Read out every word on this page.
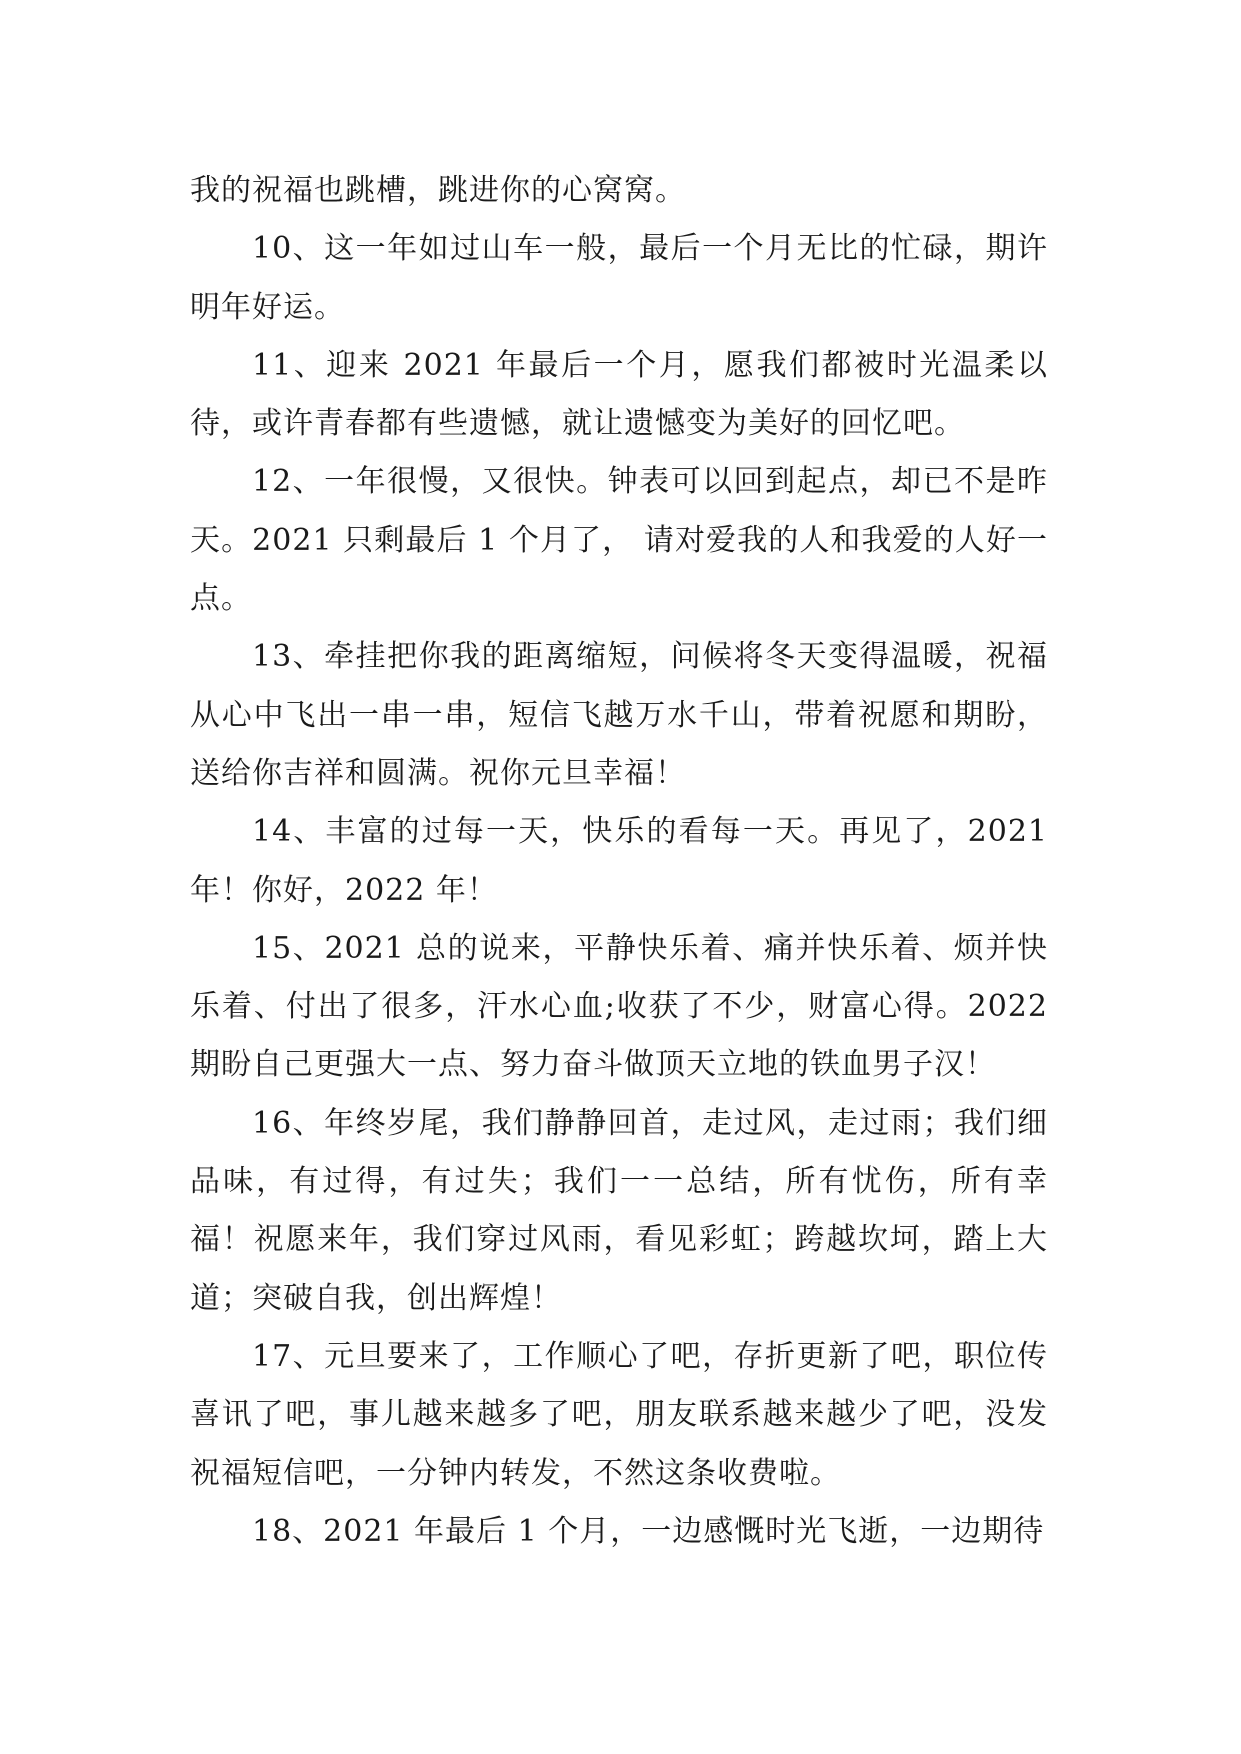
我的祝福也跳槽，跳进你的心窝窝。

10、这一年如过山车一般，最后一个月无比的忙碌，期许明年好运。

11、迎来 2021 年最后一个月，愿我们都被时光温柔以待，或许青春都有些遗憾，就让遗憾变为美好的回忆吧。

12、一年很慢，又很快。钟表可以回到起点，却已不是昨天。2021 只剩最后 1 个月了， 请对爱我的人和我爱的人好一点。

13、牵挂把你我的距离缩短，问候将冬天变得温暖，祝福从心中飞出一串一串，短信飞越万水千山，带着祝愿和期盼，送给你吉祥和圆满。祝你元旦幸福！

14、丰富的过每一天，快乐的看每一天。再见了，2021年！你好，2022 年！

15、2021 总的说来，平静快乐着、痛并快乐着、烦并快乐着、付出了很多，汗水心血;收获了不少，财富心得。2022期盼自己更强大一点、努力奋斗做顶天立地的铁血男子汉！

16、年终岁尾，我们静静回首，走过风，走过雨；我们细品味，有过得，有过失；我们一一总结，所有忧伤，所有幸福！祝愿来年，我们穿过风雨，看见彩虹；跨越坎坷，踏上大道；突破自我，创出辉煌！

17、元旦要来了，工作顺心了吧，存折更新了吧，职位传喜讯了吧，事儿越来越多了吧，朋友联系越来越少了吧，没发祝福短信吧，一分钟内转发，不然这条收费啦。

18、2021 年最后 1 个月，一边感慨时光飞逝，一边期待
